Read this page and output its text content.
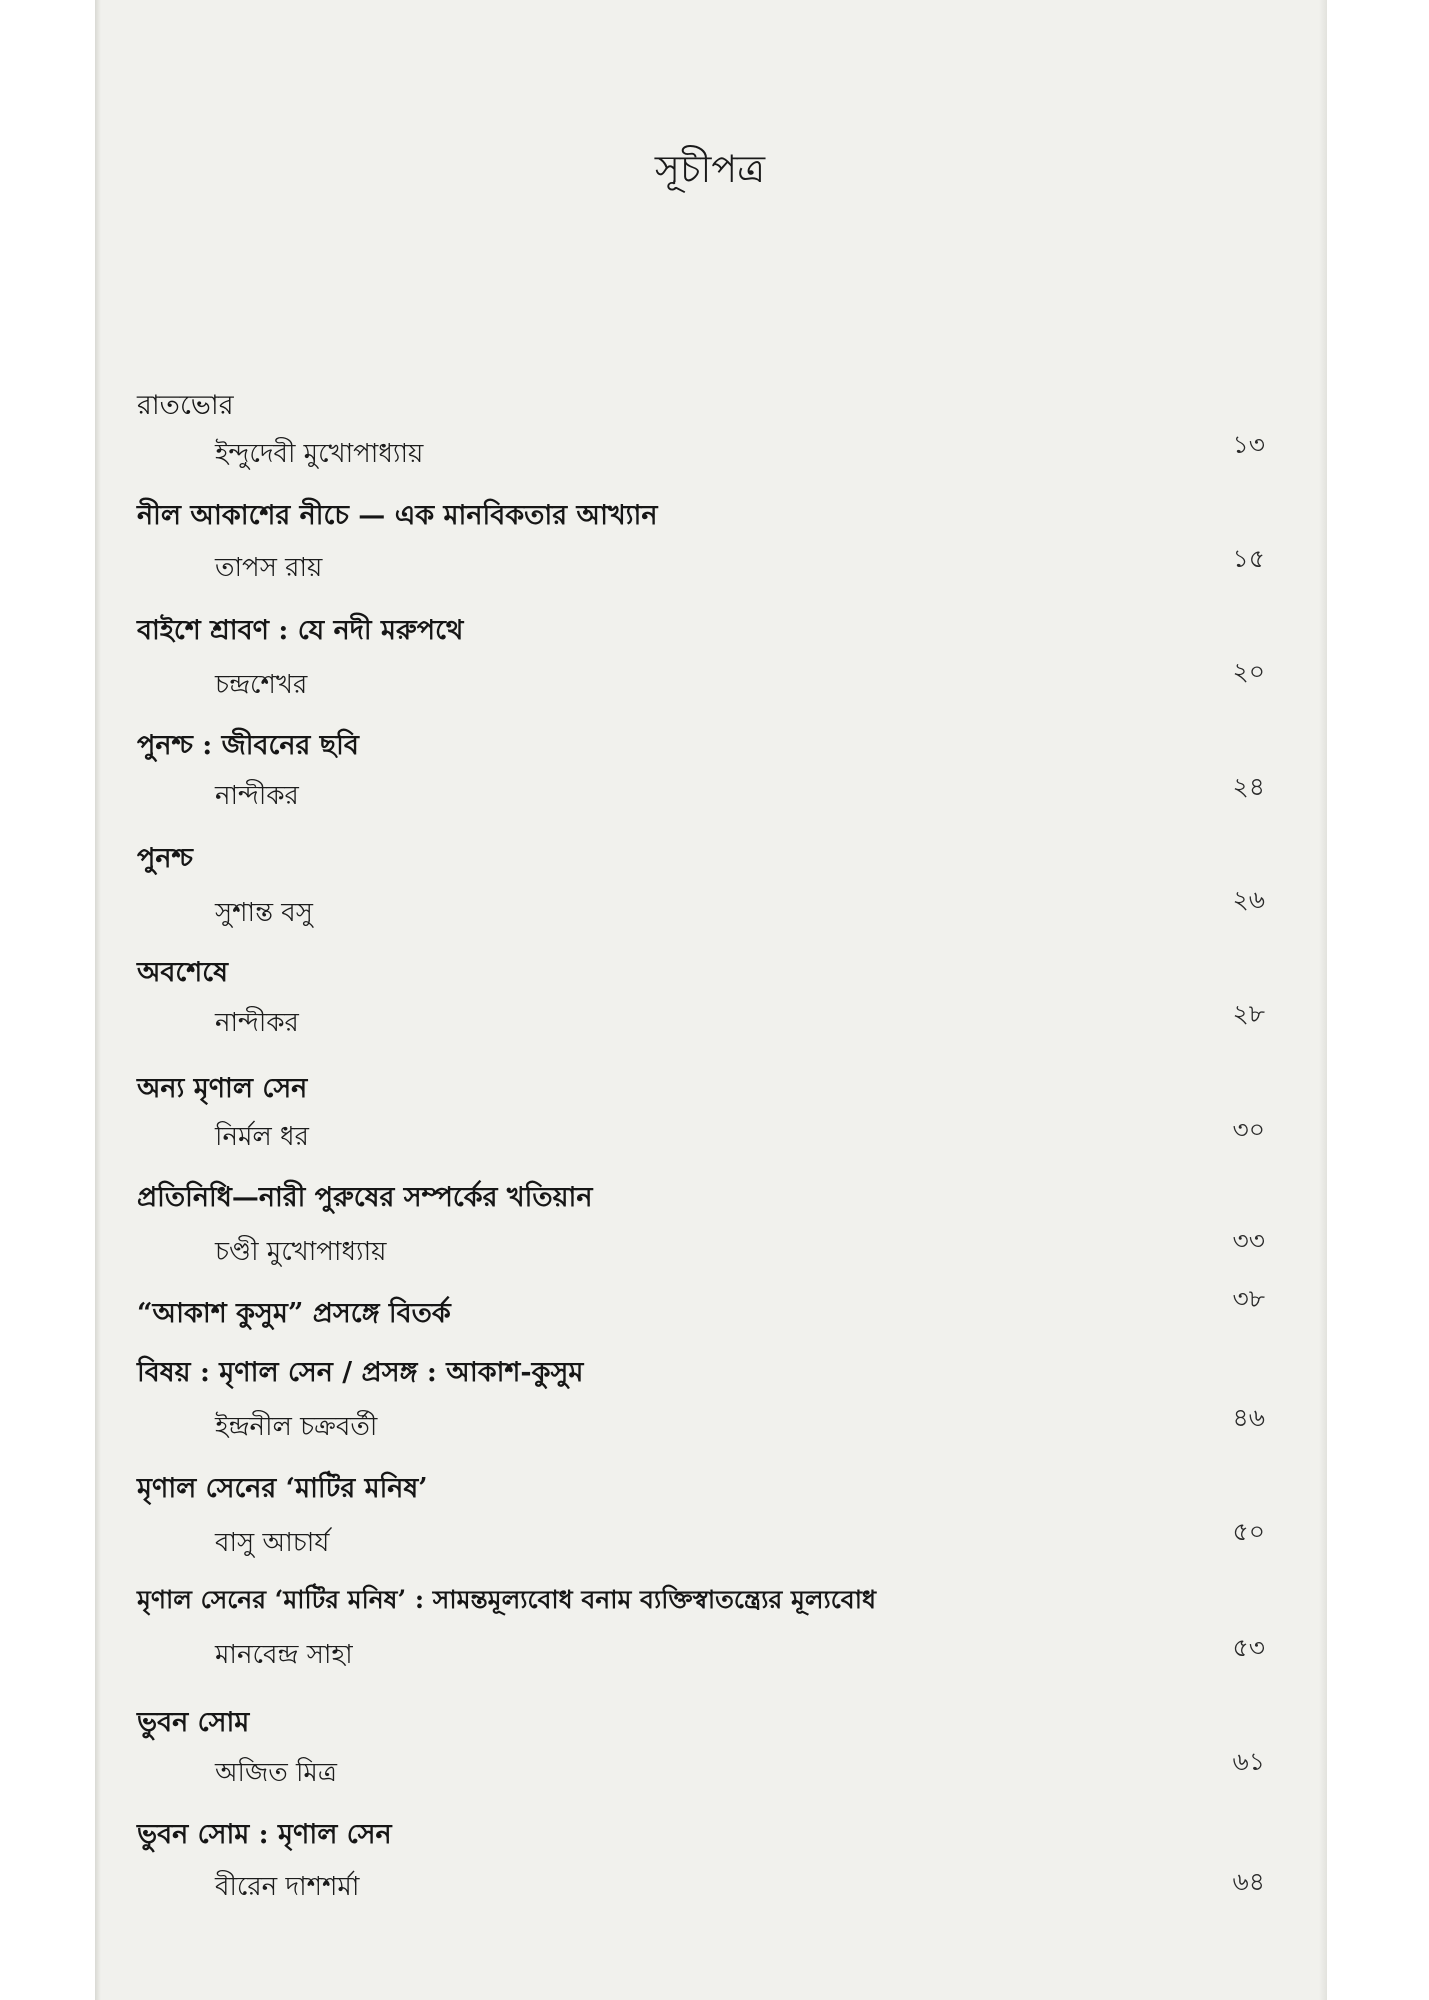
সূচীপত্র
রাতভোর
ইন্দুদেবী মুখোপাধ্যায়	১৩
নীল আকাশের নীচে — এক মানবিকতার আখ্যান
তাপস রায়	১৫
বাইশে শ্রাবণ : যে নদী মরুপথে
চন্দ্রশেখর	২০
পুনশ্চ : জীবনের ছবি
নান্দীকর	২৪
পুনশ্চ
সুশান্ত বসু	২৬
অবশেষে
নান্দীকর	২৮
অন্য মৃণাল সেন
নির্মল ধর	৩০
প্রতিনিধি—নারী পুরুষের সম্পর্কের খতিয়ান
চণ্ডী মুখোপাধ্যায়	৩৩
“আকাশ কুসুম” প্রসঙ্গে বিতর্ক	৩৮
বিষয় : মৃণাল সেন / প্রসঙ্গ : আকাশ-কুসুম
ইন্দ্রনীল চক্রবর্তী	৪৬
মৃণাল সেনের ‘মাটির মনিষ’
বাসু আচার্য	৫০
মৃণাল সেনের ‘মাটির মনিষ’ : সামন্তমূল্যবোধ বনাম ব্যক্তিস্বাতন্ত্র্যের মূল্যবোধ
মানবেন্দ্র সাহা	৫৩
ভুবন সোম
অজিত মিত্র	৬১
ভুবন সোম : মৃণাল সেন
বীরেন দাশশর্মা	৬৪
